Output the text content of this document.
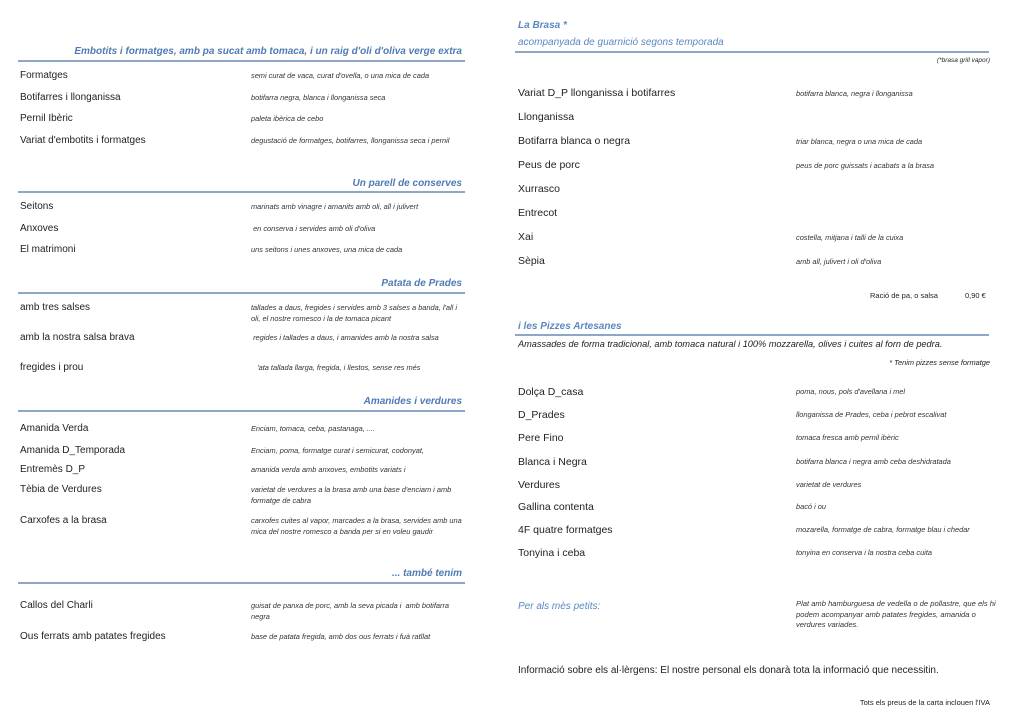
Embotits i formatges, amb pa sucat amb tomaca, i un raig d'oli d'oliva verge extra
Formatges	semi curat de vaca, curat d'ovella, o una mica de cada
Botifarres i llonganissa	botifarra negra, blanca i llonganissa seca
Pernil Ibèric	paleta ibèrica de cebo
Variat d'embotits i formatges	degustació de formatges, botifarres, llonganissa seca i pernil
Un parell de conserves
Seitons	marinats amb vinagre i amanits amb oli, all i julivert
Anxoves	en conserva i servides amb oli d'oliva
El matrimoni	uns seitons i unes anxoves, una mica de cada
Patata de Prades
amb tres salses	tallades a daus, fregides i servides amb 3 salses a banda, l'all i oli, el nostre romesco i la de tomaca picant
amb la nostra salsa brava	regides i tallades a daus, i amanides amb la nostra salsa
fregides i prou	'ata tallada llarga, fregida, i llestos, sense res més
Amanides i verdures
Amanida Verda	Enciam, tomaca, ceba, pastanaga, ....
Amanida D_Temporada	Enciam, poma, formatge curat i semicurat, codonyat,
Entremès D_P	amanida verda amb anxoves, embotits variats i
Tèbia de Verdures	varietat de verdures a la brasa amb una base d'enciam i amb formatge de cabra
Carxofes a la brasa	carxofes cuites al vapor, marcades a la brasa, servides amb una mica del nostre romesco a banda per si en voleu gaudir
... també tenim
Callos del Charli	guisat de panxa de porc, amb la seva picada i  amb botifarra negra
Ous ferrats amb patates fregides	base de patata fregida, amb dos ous ferrats i fuà ratllat
La Brasa *
acompanyada de guarnició segons temporada
(*brasa grill vapor)
Variat D_P llonganissa i botifarres	botifarra blanca, negra i llonganissa
Llonganissa
Botifarra blanca o negra	triar blanca, negra o una mica de cada
Peus de porc	peus de porc guissats i acabats a la brasa
Xurrasco
Entrecot
Xai	costella, mitjana i talli de la cuixa
Sèpia	amb all, julivert i oli d'oliva
Ració de pa, o salsa	0,90 €
i les Pizzes Artesanes
Amassades de forma tradicional, amb tomaca natural i 100% mozzarella, olives i cuites al forn de pedra.
* Tenim pizzes sense formatge
Dolça D_casa	poma, nous, pols d'avellana i mel
D_Prades	llonganissa de Prades, ceba i pebrot escalivat
Pere Fino	tomaca fresca amb pernil ibèric
Blanca i Negra	botifarra blanca i negra amb ceba deshidratada
Verdures	varietat de verdures
Gallina contenta	bacó i ou
4F quatre formatges	mozarella, formatge de cabra, formatge blau i chedar
Tonyina i ceba	tonyina en conserva i la nostra ceba cuita
Per als mès petits:	Plat amb hamburguesa de vedella o de pollastre, que els hi podem acompanyar amb patates fregides, amanida o verdures variades.
Informació sobre els al·lèrgens: El nostre personal els donarà tota la informació que necessitin.
Tots els preus de la carta inclouen l'IVA
